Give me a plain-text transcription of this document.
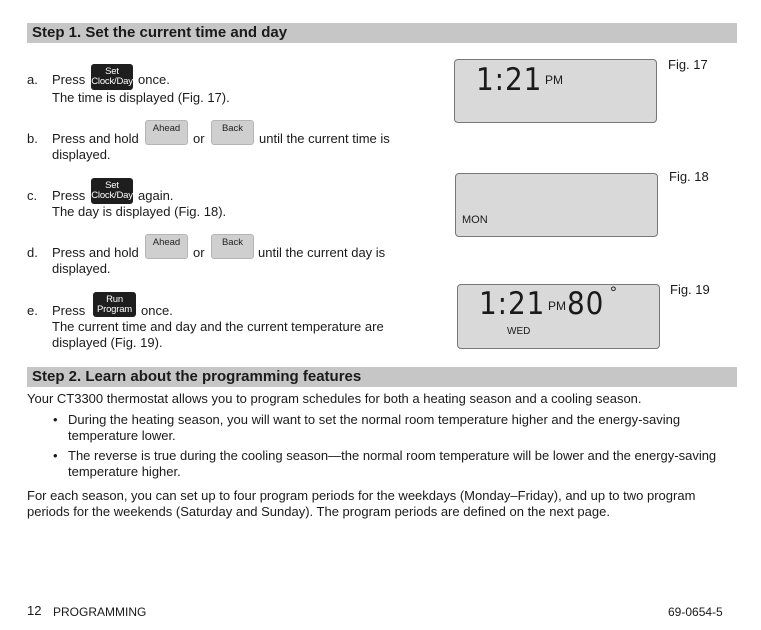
Step 1. Set the current time and day
a. Press
Set
Clock/Day once.
The time is displayed (Fig. 17).
b. Press and hold
Ahead
or
Back
until the current time is
displayed.
c. Press
Set
Clock/Day again.
The day is displayed (Fig. 18).
d. Press and hold
Ahead
or
Back
until the current day is
displayed.
e. Press
Run
Program once.
The current time and day and the current temperature are
displayed (Fig. 19).
1:21 PM
Fig. 17
MON
Fig. 18
1:21 PM 80 °
WED
Fig. 19
Step 2. Learn about the programming features
Your CT3300 thermostat allows you to program schedules for both a heating season and a cooling season.
• During the heating season, you will want to set the normal room temperature higher and the energy-saving
temperature lower.
• The reverse is true during the cooling season—the normal room temperature will be lower and the energy-saving
temperature higher.
For each season, you can set up to four program periods for the weekdays (Monday–Friday), and up to two program
periods for the weekends (Saturday and Sunday). The program periods are defined on the next page.
12 PROGRAMMING	69-0654-5
